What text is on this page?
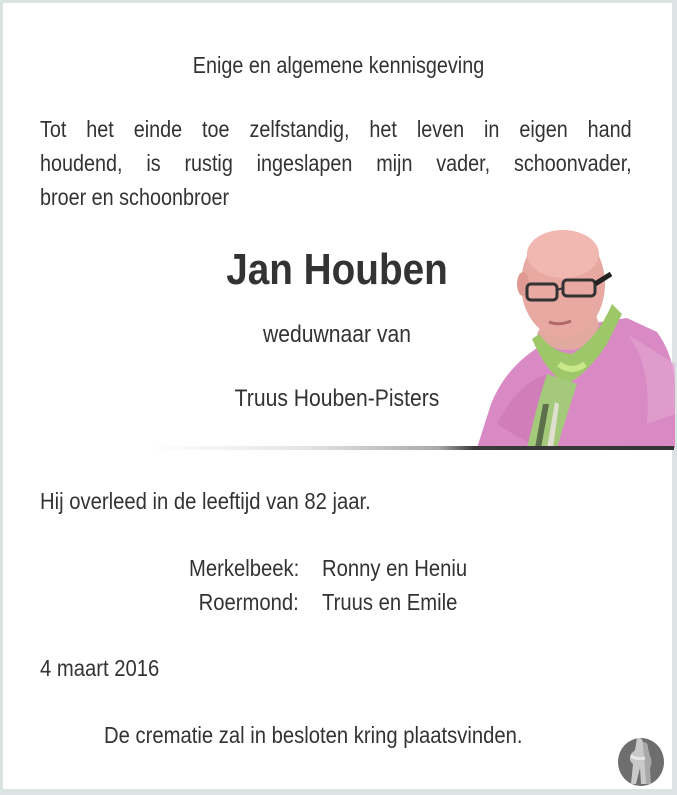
Enige en algemene kennisgeving
Tot het einde toe zelfstandig, het leven in eigen hand
houdend, is rustig ingeslapen mijn vader, schoonvader,
broer en schoonbroer
Jan Houben
weduwnaar van
Truus Houben-Pisters
Hij overleed in de leeftijd van 82 jaar.
Merkelbeek: Ronny en Heniu
Roermond: Truus en Emile
4 maart 2016
De crematie zal in besloten kring plaatsvinden.
